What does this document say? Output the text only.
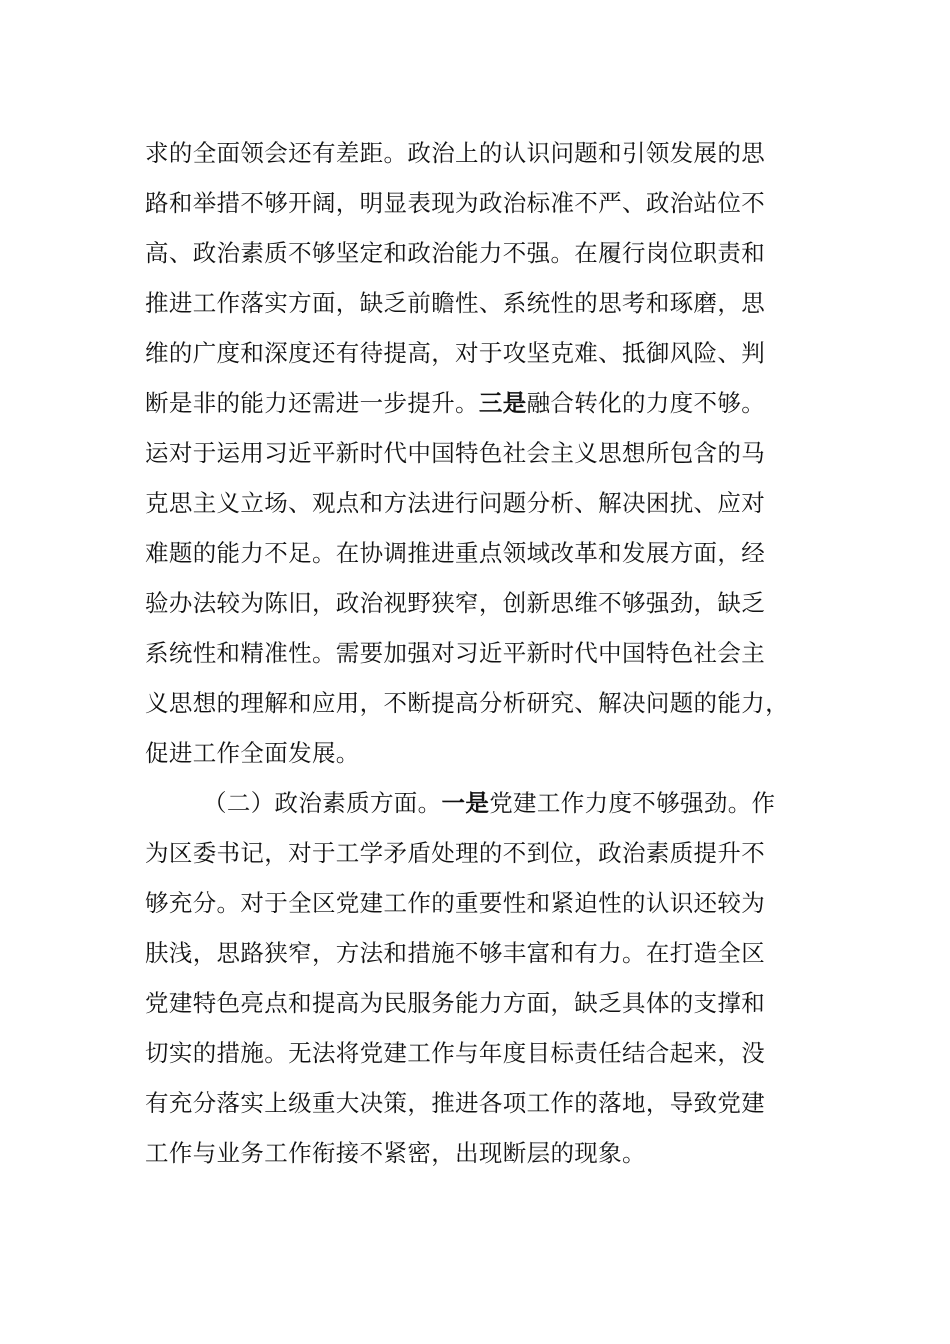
求的全面领会还有差距。政治上的认识问题和引领发展的思
路和举措不够开阔，明显表现为政治标准不严、政治站位不
高、政治素质不够坚定和政治能力不强。在履行岗位职责和
推进工作落实方面，缺乏前瞻性、系统性的思考和琢磨，思
维的广度和深度还有待提高，对于攻坚克难、抵御风险、判
断是非的能力还需进一步提升。三是融合转化的力度不够。
运对于运用习近平新时代中国特色社会主义思想所包含的马
克思主义立场、观点和方法进行问题分析、解决困扰、应对
难题的能力不足。在协调推进重点领域改革和发展方面，经
验办法较为陈旧，政治视野狭窄，创新思维不够强劲，缺乏
系统性和精准性。需要加强对习近平新时代中国特色社会主
义思想的理解和应用，不断提高分析研究、解决问题的能力，
促进工作全面发展。
（二）政治素质方面。一是党建工作力度不够强劲。作
为区委书记，对于工学矛盾处理的不到位，政治素质提升不
够充分。对于全区党建工作的重要性和紧迫性的认识还较为
肤浅，思路狭窄，方法和措施不够丰富和有力。在打造全区
党建特色亮点和提高为民服务能力方面，缺乏具体的支撑和
切实的措施。无法将党建工作与年度目标责任结合起来，没
有充分落实上级重大决策，推进各项工作的落地，导致党建
工作与业务工作衔接不紧密，出现断层的现象。
